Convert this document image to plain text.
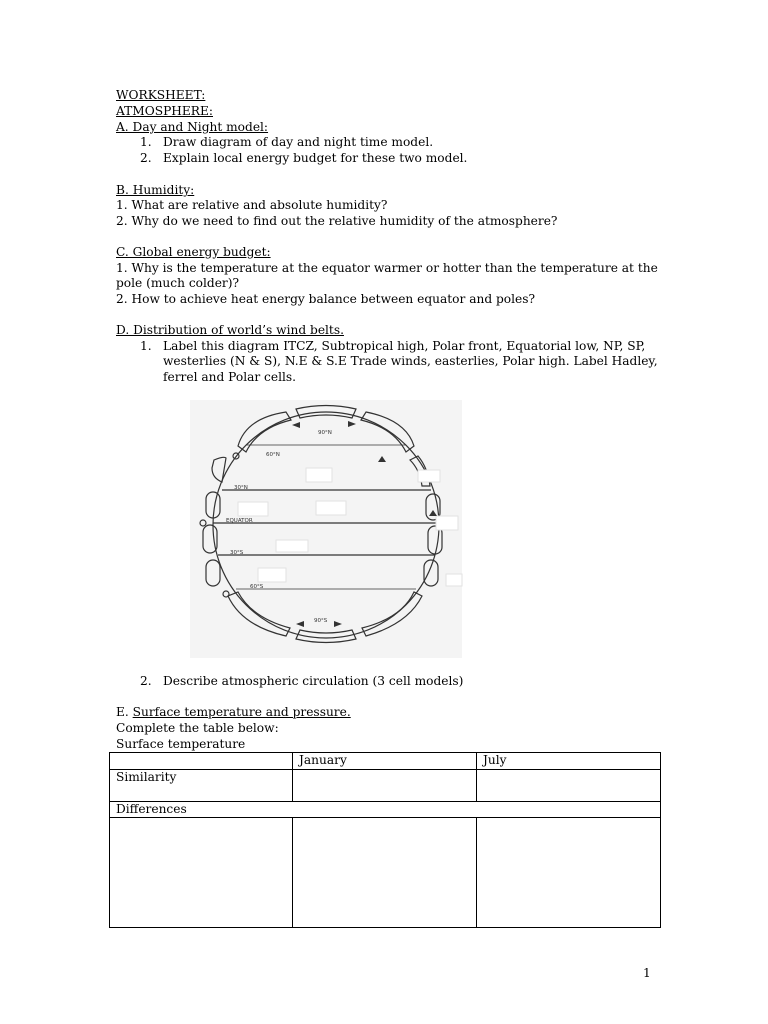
WORKSHEET:
ATMOSPHERE:
A. Day and Night model:
1. Draw diagram of day and night time model.
2. Explain local energy budget for these two model.
B. Humidity:
1. What are relative and absolute humidity?
2. Why do we need to find out the relative humidity of the atmosphere?
C. Global energy budget:
1. Why is the temperature at the equator warmer or hotter than the temperature at the
pole (much colder)?
2. How to achieve heat energy balance between equator and poles?
D. Distribution of world’s wind belts.
1. Label this diagram ITCZ, Subtropical high, Polar front, Equatorial low, NP, SP,
westerlies (N & S), N.E & S.E Trade winds, easterlies, Polar high. Label Hadley,
ferrel and Polar cells.
90°N
60°N
30°N
EQUATOR
30°S
60°S
90°S
2. Describe atmospheric circulation (3 cell models)
E. Surface temperature and pressure.
Complete the table below:
Surface temperature
	January	July
Similarity		
Differences		

1
